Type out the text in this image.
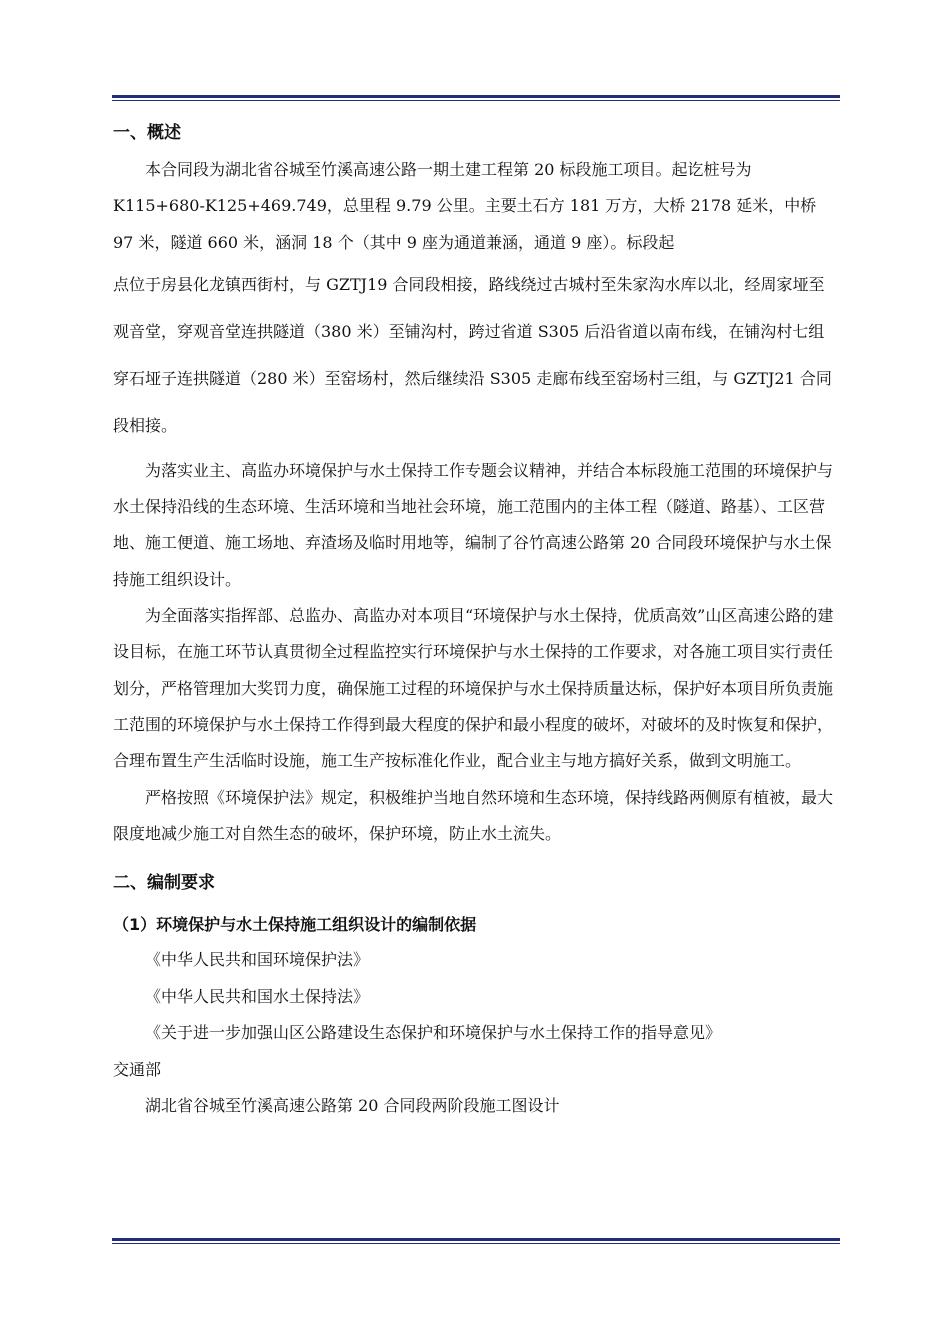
一、概述

本合同段为湖北省谷城至竹溪高速公路一期土建工程第 20 标段施工项目。起讫桩号为 K115+680-K125+469.749，总里程 9.79 公里。主要土石方 181 万方，大桥 2178 延米，中桥 97 米，隧道 660 米，涵洞 18 个（其中 9 座为通道兼涵，通道 9 座）。标段起

点位于房县化龙镇西街村，与 GZTJ19 合同段相接，路线绕过古城村至朱家沟水库以北，经周家垭至观音堂，穿观音堂连拱隧道（380 米）至铺沟村，跨过省道 S305 后沿省道以南布线，在铺沟村七组穿石垭子连拱隧道（280 米）至窑场村，然后继续沿 S305 走廊布线至窑场村三组，与 GZTJ21 合同段相接。

为落实业主、高监办环境保护与水土保持工作专题会议精神，并结合本标段施工范围的环境保护与水土保持沿线的生态环境、生活环境和当地社会环境，施工范围内的主体工程（隧道、路基）、工区营地、施工便道、施工场地、弃渣场及临时用地等，编制了谷竹高速公路第 20 合同段环境保护与水土保持施工组织设计。

为全面落实指挥部、总监办、高监办对本项目“环境保护与水土保持，优质高效”山区高速公路的建设目标，在施工环节认真贯彻全过程监控实行环境保护与水土保持的工作要求，对各施工项目实行责任划分，严格管理加大奖罚力度，确保施工过程的环境保护与水土保持质量达标，保护好本项目所负责施工范围的环境保护与水土保持工作得到最大程度的保护和最小程度的破坏，对破坏的及时恢复和保护， 合理布置生产生活临时设施，施工生产按标准化作业，配合业主与地方搞好关系，做到文明施工。

严格按照《环境保护法》规定，积极维护当地自然环境和生态环境，保持线路两侧原有植被，最大限度地减少施工对自然生态的破坏，保护环境，防止水土流失。

二、编制要求
（1）环境保护与水土保持施工组织设计的编制依据

《中华人民共和国环境保护法》

《中华人民共和国水土保持法》

《关于进一步加强山区公路建设生态保护和环境保护与水土保持工作的指导意见》

交通部

湖北省谷城至竹溪高速公路第 20 合同段两阶段施工图设计
